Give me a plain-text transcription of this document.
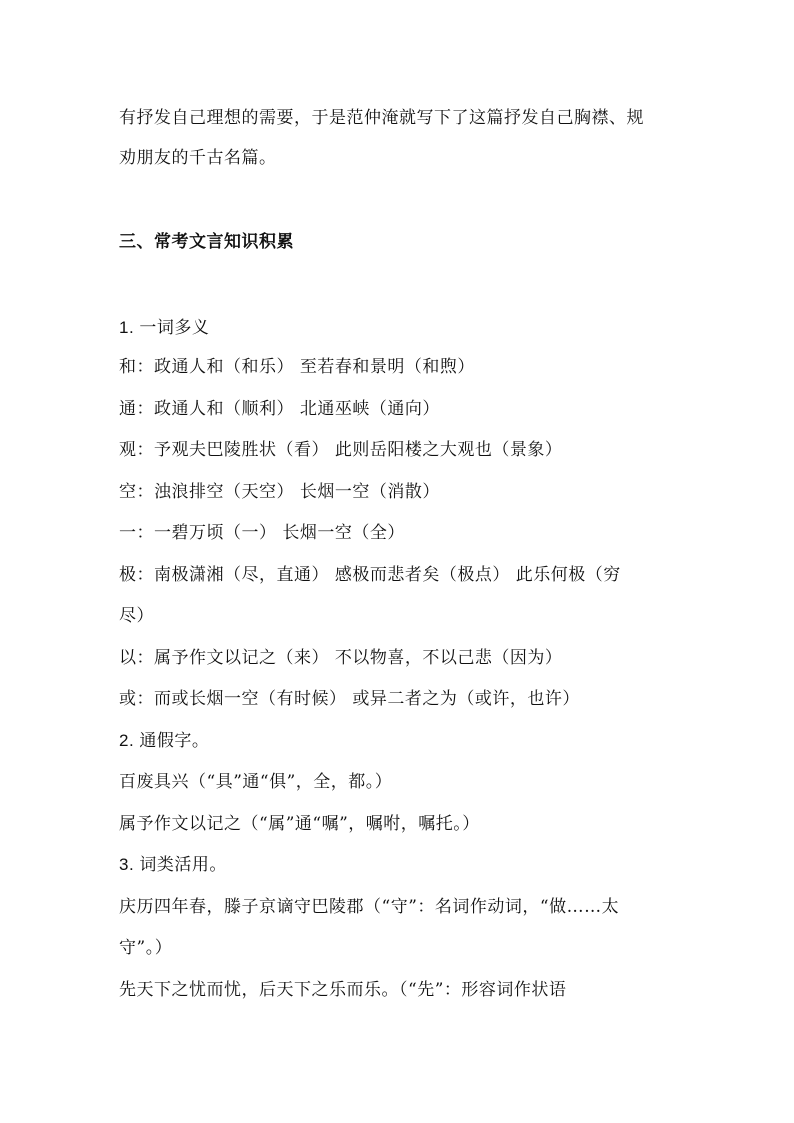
有抒发自己理想的需要，于是范仲淹就写下了这篇抒发自己胸襟、规
劝朋友的千古名篇。
三、常考文言知识积累
1. 一词多义
和：政通人和（和乐） 至若春和景明（和煦）
通：政通人和（顺利） 北通巫峡（通向）
观：予观夫巴陵胜状（看） 此则岳阳楼之大观也（景象）
空：浊浪排空（天空） 长烟一空（消散）
一：一碧万顷（一） 长烟一空（全）
极：南极潇湘（尽，直通） 感极而悲者矣（极点） 此乐何极（穷
尽）
以：属予作文以记之（来） 不以物喜，不以己悲（因为）
或：而或长烟一空（有时候） 或异二者之为（或许，也许）
2. 通假字。
百废具兴（“具”通“俱”，全，都。）
属予作文以记之（“属”通“嘱”，嘱咐，嘱托。）
3. 词类活用。
庆历四年春，滕子京谪守巴陵郡（“守”：名词作动词，“做……太
守”。）
先天下之忧而忧，后天下之乐而乐。（“先”：形容词作状语
